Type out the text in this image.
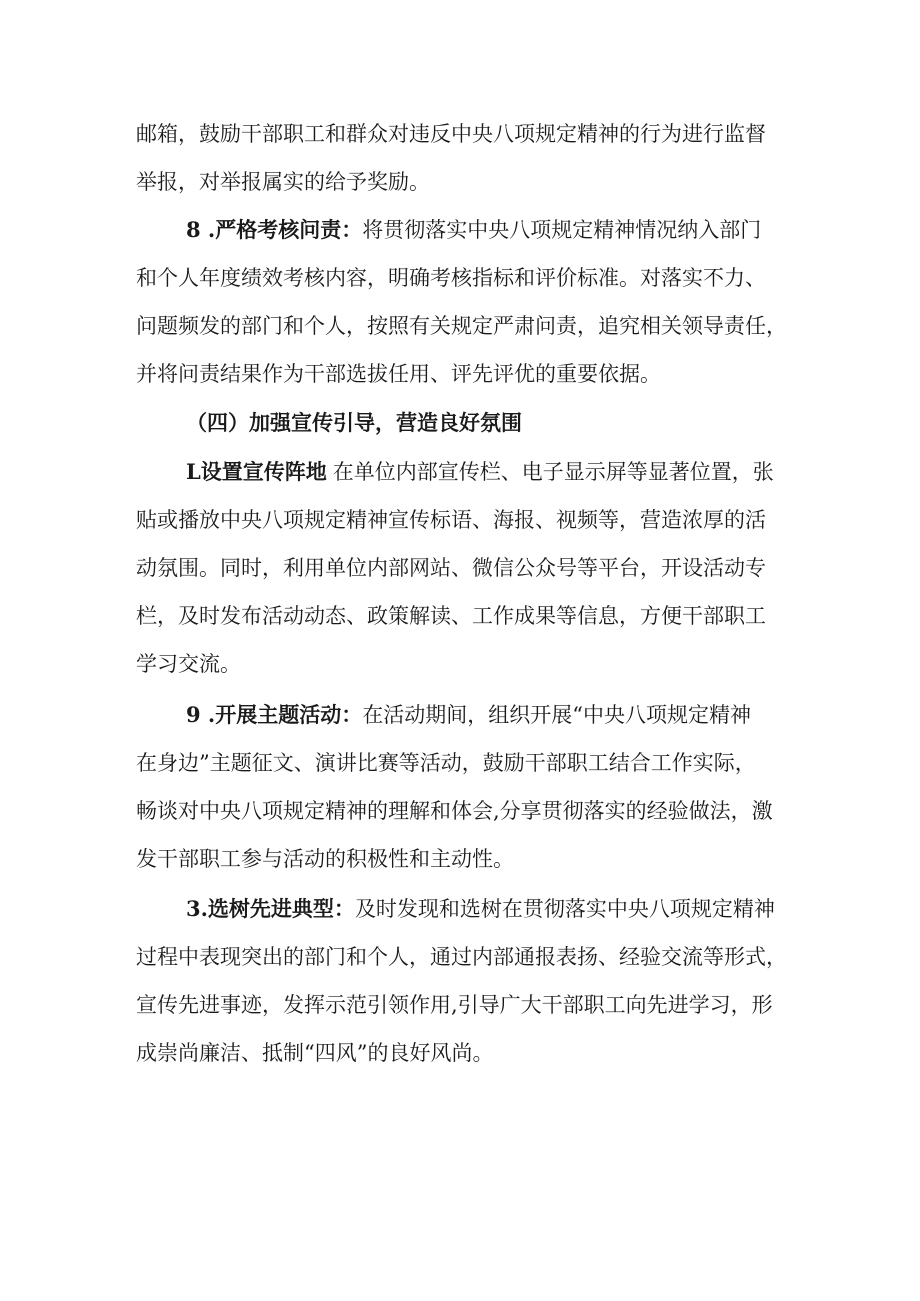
邮箱，鼓励干部职工和群众对违反中央八项规定精神的行为进行监督
举报，对举报属实的给予奖励。
8 .严格考核问责：将贯彻落实中央八项规定精神情况纳入部门
和个人年度绩效考核内容，明确考核指标和评价标准。对落实不力、
问题频发的部门和个人，按照有关规定严肃问责，追究相关领导责任，
并将问责结果作为干部选拔任用、评先评优的重要依据。
（四）加强宣传引导，营造良好氛围
L设置宣传阵地 在单位内部宣传栏、电子显示屏等显著位置，张
贴或播放中央八项规定精神宣传标语、海报、视频等，营造浓厚的活
动氛围。同时，利用单位内部网站、微信公众号等平台，开设活动专
栏，及时发布活动动态、政策解读、工作成果等信息，方便干部职工
学习交流。
9 .开展主题活动：在活动期间，组织开展“中央八项规定精神
在身边”主题征文、演讲比赛等活动，鼓励干部职工结合工作实际，
畅谈对中央八项规定精神的理解和体会,分享贯彻落实的经验做法，激
发干部职工参与活动的积极性和主动性。
3.选树先进典型：及时发现和选树在贯彻落实中央八项规定精神
过程中表现突出的部门和个人，通过内部通报表扬、经验交流等形式，
宣传先进事迹，发挥示范引领作用,引导广大干部职工向先进学习，形
成崇尚廉洁、抵制“四风”的良好风尚。
